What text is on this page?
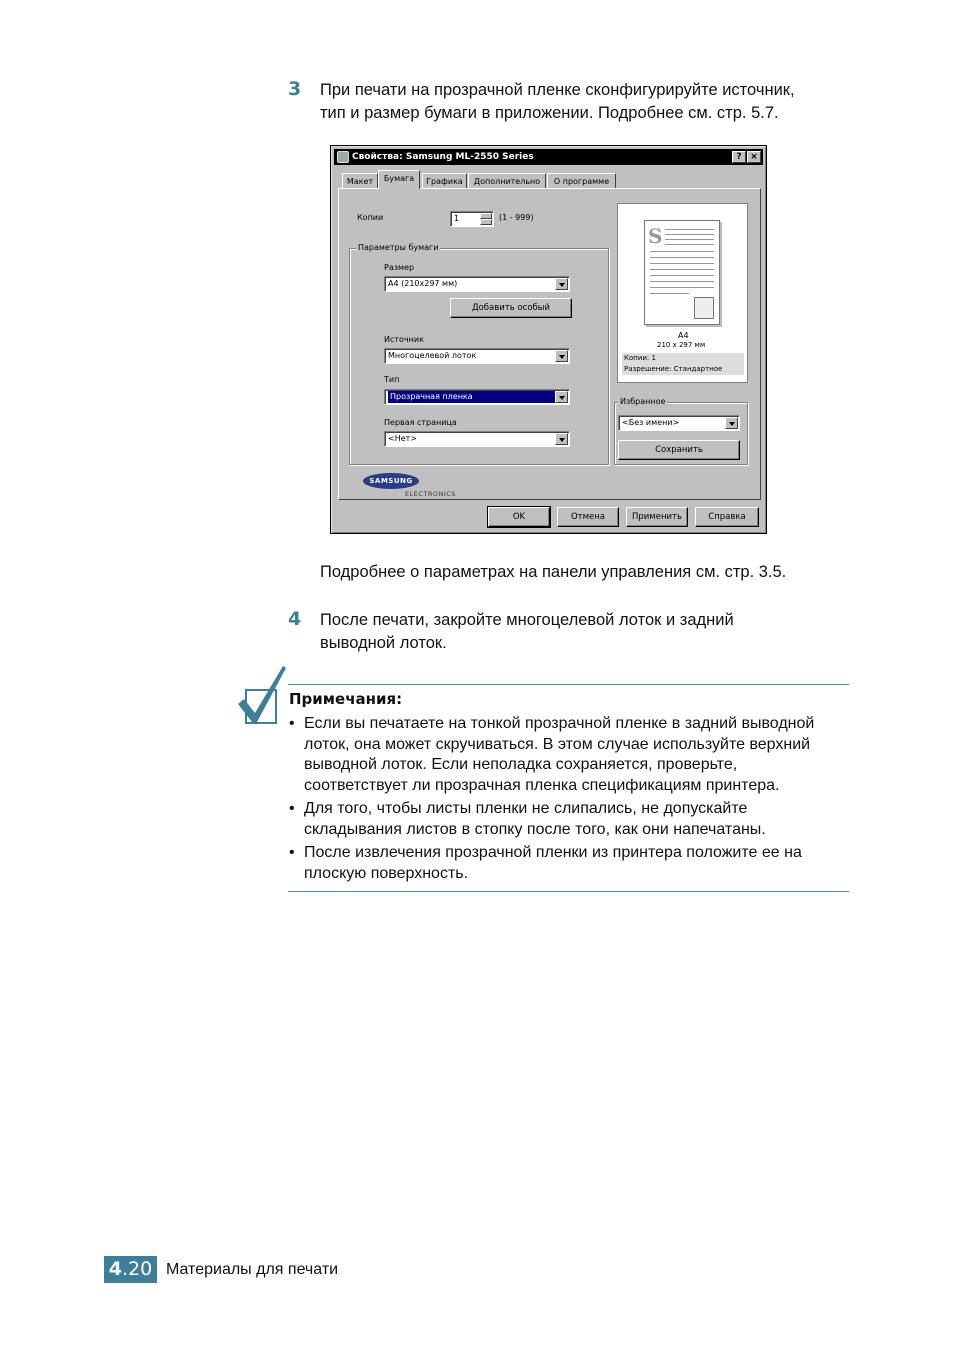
3 При печати на прозрачной пленке сконфигурируйте источник,
тип и размер бумаги в приложении. Подробнее см. стр. 5.7.
Свойства: Samsung ML-2550 Series	? ×
Макет	Бумага	Графика	Дополнительно	О программе
Копии	1	(1 - 999)
Параметры бумаги
Размер
A4 (210x297 мм)
Добавить особый
Источник
Многоцелевой лоток
Тип
Прозрачная пленка
Первая страница
<Нет>
S
A4
210 x 297 мм
Копии: 1
Разрешение: Стандартное
Избранное
<Без имени>
Сохранить
SAMSUNG
ELECTRONICS
OK	Отмена	Применить	Справка
Подробнее о параметрах на панели управления см. стр. 3.5.
4 После печати, закройте многоцелевой лоток и задний
выводной лоток.
Примечания:
• Если вы печатаете на тонкой прозрачной пленке в задний выводной
лоток, она может скручиваться. В этом случае используйте верхний
выводной лоток. Если неполадка сохраняется, проверьте,
соответствует ли прозрачная пленка спецификациям принтера.
• Для того, чтобы листы пленки не слипались, не допускайте
складывания листов в стопку после того, как они напечатаны.
• После извлечения прозрачной пленки из принтера положите ее на
плоскую поверхность.
4.20 Материалы для печати
